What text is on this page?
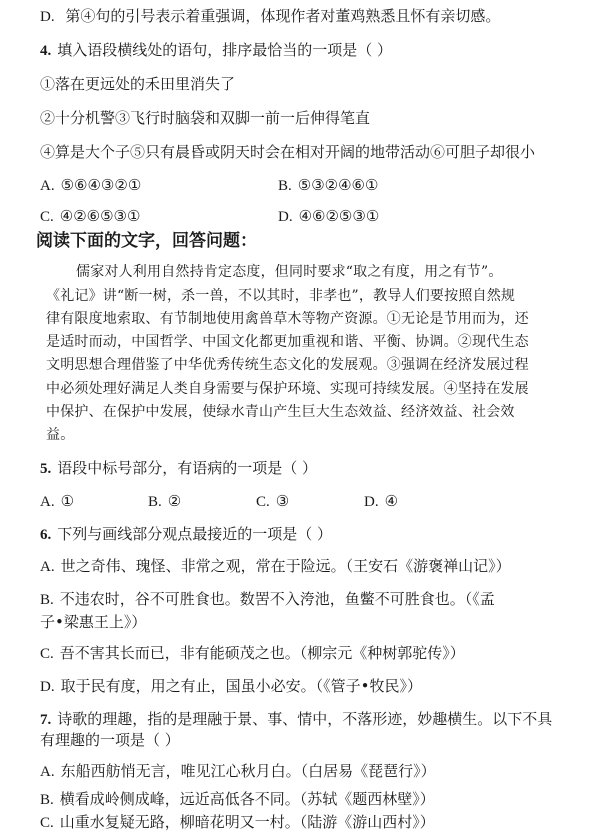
D. 第④句的引号表示着重强调，体现作者对董鸡熟悉且怀有亲切感。
4. 填入语段横线处的语句，排序最恰当的一项是（ ）
①落在更远处的禾田里消失了
②十分机警③飞行时脑袋和双脚一前一后伸得笔直
④算是大个子⑤只有晨昏或阴天时会在相对开阔的地带活动⑥可胆子却很小
A. ⑤⑥④③②①	B. ⑤③②④⑥①
C. ④②⑥⑤③①	D. ④⑥②⑤③①
阅读下面的文字，回答问题：
儒家对人利用自然持肯定态度，但同时要求“取之有度，用之有节”。
《礼记》讲“断一树，杀一兽，不以其时，非孝也”，教导人们要按照自然规
律有限度地索取、有节制地使用禽兽草木等物产资源。①无论是节用而为，还
是适时而动，中国哲学、中国文化都更加重视和谐、平衡、协调。②现代生态
文明思想合理借鉴了中华优秀传统生态文化的发展观。③强调在经济发展过程
中必须处理好满足人类自身需要与保护环境、实现可持续发展。④坚持在发展
中保护、在保护中发展，使绿水青山产生巨大生态效益、经济效益、社会效
益。
5. 语段中标号部分，有语病的一项是（ ）
A. ①	B. ②	C. ③	D. ④
6. 下列与画线部分观点最接近的一项是（ ）
A. 世之奇伟、瑰怪、非常之观，常在于险远。（王安石《游褒禅山记》）
B. 不违农时，谷不可胜食也。数罟不入洿池，鱼鳖不可胜食也。（《孟
子•梁惠王上》）
C. 吾不害其长而已，非有能硕茂之也。（柳宗元《种树郭驼传》）
D. 取于民有度，用之有止，国虽小必安。（《管子•牧民》）
7. 诗歌的理趣，指的是理融于景、事、情中，不落形迹，妙趣横生。以下不具
有理趣的一项是（ ）
A. 东船西舫悄无言，唯见江心秋月白。（白居易《琵琶行》）
B. 横看成岭侧成峰，远近高低各不同。（苏轼《题西林壁》）
C. 山重水复疑无路，柳暗花明又一村。（陆游《游山西村》）
